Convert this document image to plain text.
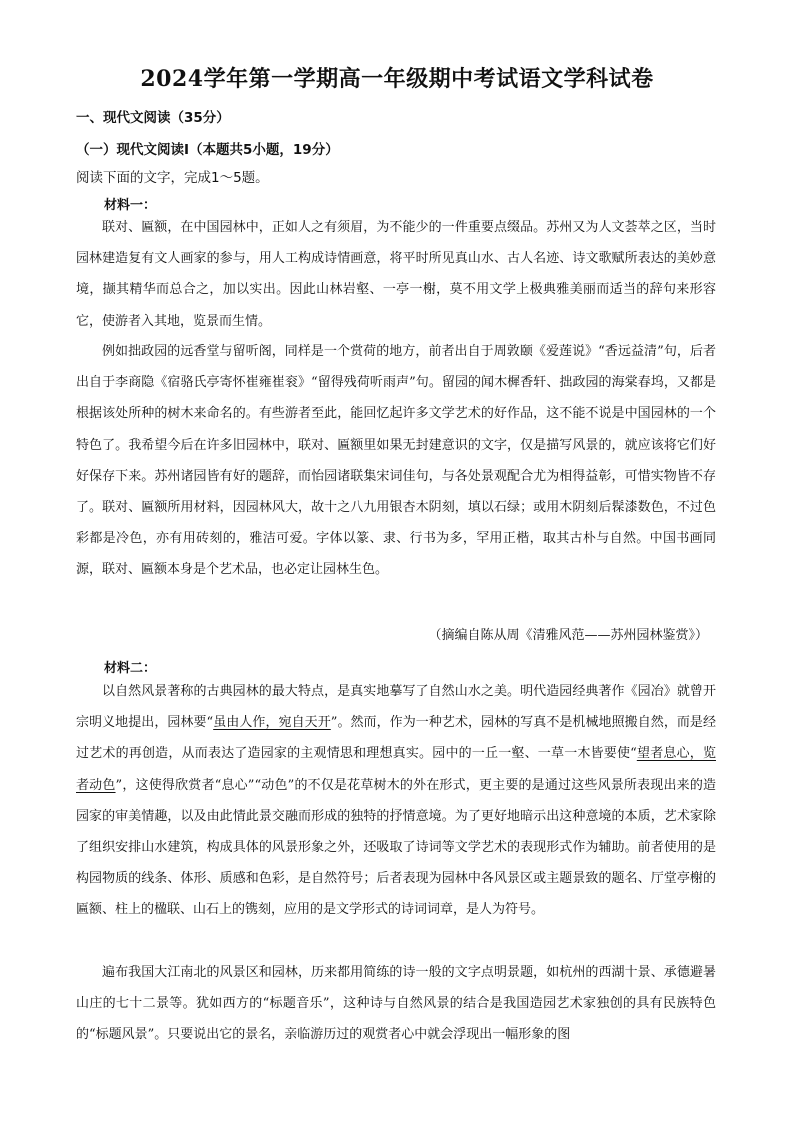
2024学年第一学期高一年级期中考试语文学科试卷

一、现代文阅读（35分）

（一）现代文阅读Ⅰ（本题共5小题，19分）

阅读下面的文字，完成1～5题。

材料一：

联对、匾额，在中国园林中，正如人之有须眉，为不能少的一件重要点缀品。苏州又为人文荟萃之区，当时园林建造复有文人画家的参与，用人工构成诗情画意，将平时所见真山水、古人名迹、诗文歌赋所表达的美妙意境，撷其精华而总合之，加以实出。因此山林岩壑、一亭一榭，莫不用文学上极典雅美丽而适当的辞句来形容它，使游者入其地，览景而生情。

例如拙政园的远香堂与留听阁，同样是一个赏荷的地方，前者出自于周敦颐《爱莲说》“香远益清”句，后者出自于李商隐《宿骆氏亭寄怀崔雍崔衮》“留得残荷听雨声”句。留园的闻木樨香轩、拙政园的海棠春坞，又都是根据该处所种的树木来命名的。有些游者至此，能回忆起许多文学艺术的好作品，这不能不说是中国园林的一个特色了。我希望今后在许多旧园林中，联对、匾额里如果无封建意识的文字，仅是描写风景的，就应该将它们好好保存下来。苏州诸园皆有好的题辞，而怡园诸联集宋词佳句，与各处景观配合尤为相得益彰，可惜实物皆不存了。联对、匾额所用材料，因园林风大，故十之八九用银杏木阴刻，填以石绿；或用木阴刻后髹漆数色，不过色彩都是冷色，亦有用砖刻的，雅洁可爱。字体以篆、隶、行书为多，罕用正楷，取其古朴与自然。中国书画同源，联对、匾额本身是个艺术品，也必定让园林生色。

（摘编自陈从周《清雅风范——苏州园林鉴赏》）

材料二：

以自然风景著称的古典园林的最大特点，是真实地摹写了自然山水之美。明代造园经典著作《园冶》就曾开宗明义地提出，园林要“虽由人作，宛自天开”。然而，作为一种艺术，园林的写真不是机械地照搬自然，而是经过艺术的再创造，从而表达了造园家的主观情思和理想真实。园中的一丘一壑、一草一木皆要使“望者息心，览者动色”，这使得欣赏者“息心”“动色”的不仅是花草树木的外在形式，更主要的是通过这些风景所表现出来的造园家的审美情趣，以及由此情此景交融而形成的独特的抒情意境。为了更好地暗示出这种意境的本质，艺术家除了组织安排山水建筑，构成具体的风景形象之外，还吸取了诗词等文学艺术的表现形式作为辅助。前者使用的是构园物质的线条、体形、质感和色彩，是自然符号；后者表现为园林中各风景区或主题景致的题名、厅堂亭榭的匾额、柱上的楹联、山石上的镌刻，应用的是文学形式的诗词词章，是人为符号。

遍布我国大江南北的风景区和园林，历来都用简练的诗一般的文字点明景题，如杭州的西湖十景、承德避暑山庄的七十二景等。犹如西方的“标题音乐”，这种诗与自然风景的结合是我国造园艺术家独创的具有民族特色的“标题风景”。只要说出它的景名，亲临游历过的观赏者心中就会浮现出一幅形象的图
